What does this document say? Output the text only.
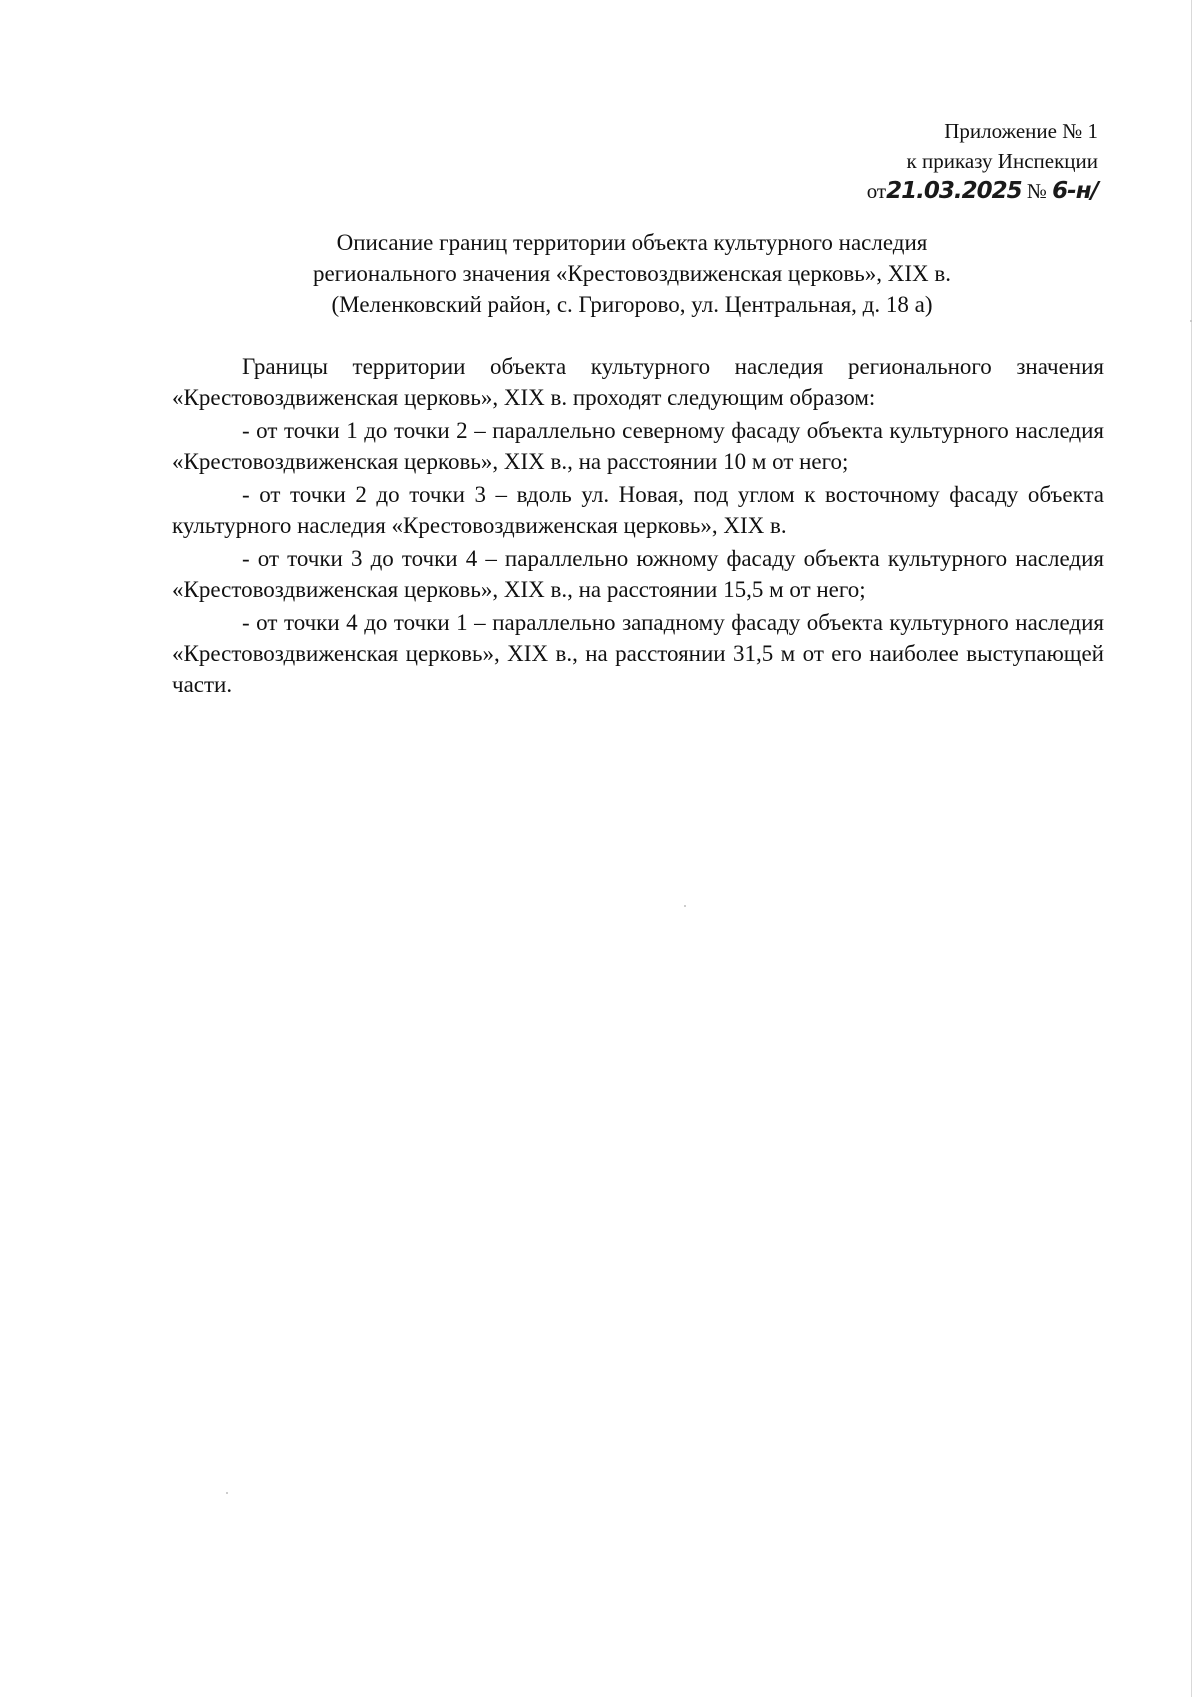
Приложение № 1
к приказу Инспекции
от21.03.2025 № 6-н/
Описание границ территории объекта культурного наследия
регионального значения «Крестовоздвиженская церковь», XIX в.
(Меленковский район, с. Григорово, ул. Центральная, д. 18 а)

Границы территории объекта культурного наследия регионального значения «Крестовоздвиженская церковь», XIX в. проходят следующим образом:

- от точки 1 до точки 2 – параллельно северному фасаду объекта культурного наследия «Крестовоздвиженская церковь», XIX в., на расстоянии 10 м от него;

- от точки 2 до точки 3 – вдоль ул. Новая, под углом к восточному фасаду объекта культурного наследия «Крестовоздвиженская церковь», XIX в.

- от точки 3 до точки 4 – параллельно южному фасаду объекта культурного наследия «Крестовоздвиженская церковь», XIX в., на расстоянии 15,5 м от него;

- от точки 4 до точки 1 – параллельно западному фасаду объекта культурного наследия «Крестовоздвиженская церковь», XIX в., на расстоянии 31,5 м от его наиболее выступающей части.
